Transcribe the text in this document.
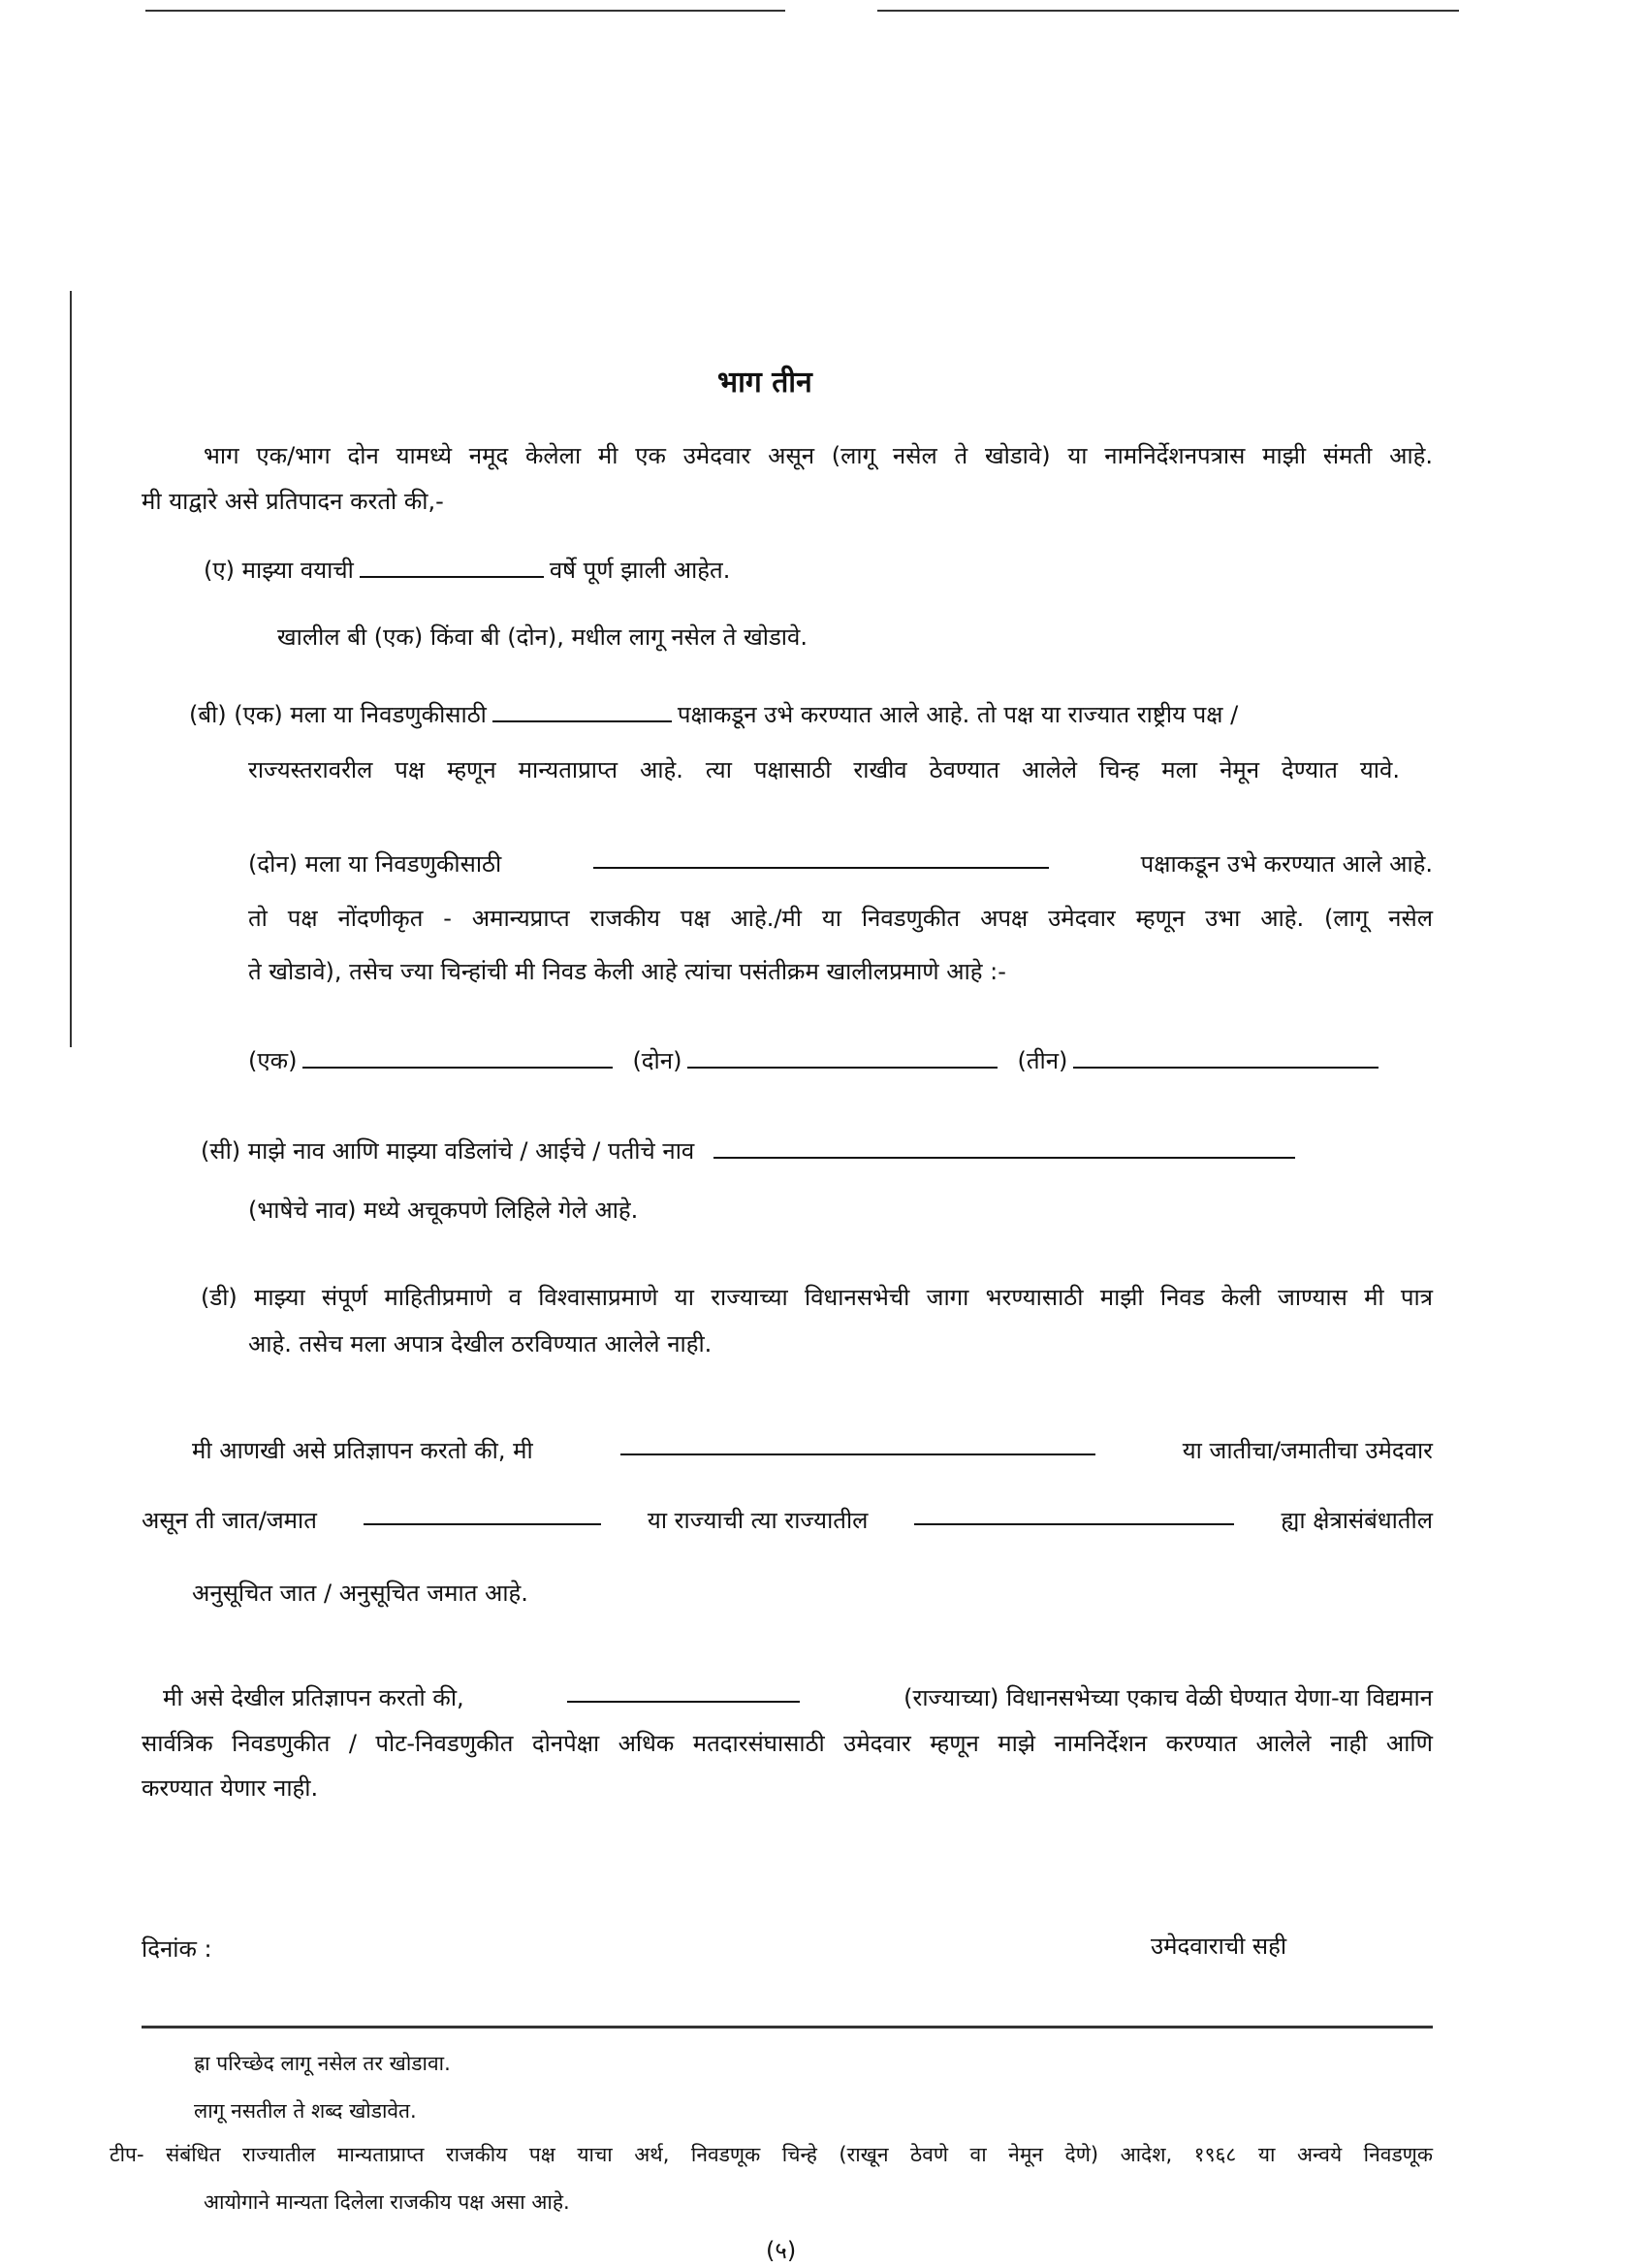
भाग तीन
भाग एक/भाग दोन यामध्ये नमूद केलेला मी एक उमेदवार असून (लागू नसेल ते खोडावे) या नामनिर्देशनपत्रास माझी संमती आहे.
मी याद्वारे असे प्रतिपादन करतो की,-
(ए) माझ्या वयाची	वर्षे पूर्ण झाली आहेत.
खालील बी (एक) किंवा बी (दोन), मधील लागू नसेल ते खोडावे.
(बी) (एक) मला या निवडणुकीसाठी	पक्षाकडून उभे करण्यात आले आहे. तो पक्ष या राज्यात राष्ट्रीय पक्ष /
राज्यस्तरावरील पक्ष म्हणून मान्यताप्राप्त आहे. त्या पक्षासाठी राखीव ठेवण्यात आलेले चिन्ह मला नेमून देण्यात यावे.
(दोन) मला या निवडणुकीसाठी	पक्षाकडून उभे करण्यात आले आहे.
तो पक्ष नोंदणीकृत - अमान्यप्राप्त राजकीय पक्ष आहे./मी या निवडणुकीत अपक्ष उमेदवार म्हणून उभा आहे. (लागू नसेल
ते खोडावे), तसेच ज्या चिन्हांची मी निवड केली आहे त्यांचा पसंतीक्रम खालीलप्रमाणे आहे :-
(एक)	(दोन)	(तीन)
(सी) माझे नाव आणि माझ्या वडिलांचे / आईचे / पतीचे नाव
(भाषेचे नाव) मध्ये अचूकपणे लिहिले गेले आहे.
(डी) माझ्या संपूर्ण माहितीप्रमाणे व विश्वासाप्रमाणे या राज्याच्या विधानसभेची जागा भरण्यासाठी माझी निवड केली जाण्यास मी पात्र
आहे. तसेच मला अपात्र देखील ठरविण्यात आलेले नाही.
मी आणखी असे प्रतिज्ञापन करतो की, मी	या जातीचा/जमातीचा उमेदवार
असून ती जात/जमात	या राज्याची त्या राज्यातील	ह्या क्षेत्रासंबंधातील
अनुसूचित जात / अनुसूचित जमात आहे.
मी असे देखील प्रतिज्ञापन करतो की,	(राज्याच्या) विधानसभेच्या एकाच वेळी घेण्यात येणा-या विद्यमान
सार्वत्रिक निवडणुकीत / पोट-निवडणुकीत दोनपेक्षा अधिक मतदारसंघासाठी उमेदवार म्हणून माझे नामनिर्देशन करण्यात आलेले नाही आणि
करण्यात येणार नाही.
दिनांक :	उमेदवाराची सही
ह्रा परिच्छेद लागू नसेल तर खोडावा.
लागू नसतील ते शब्द खोडावेत.
टीप- संबंधित राज्यातील मान्यताप्राप्त राजकीय पक्ष याचा अर्थ, निवडणूक चिन्हे (राखून ठेवणे वा नेमून देणे) आदेश, १९६८ या अन्वये निवडणूक
आयोगाने मान्यता दिलेला राजकीय पक्ष असा आहे.
(५)
